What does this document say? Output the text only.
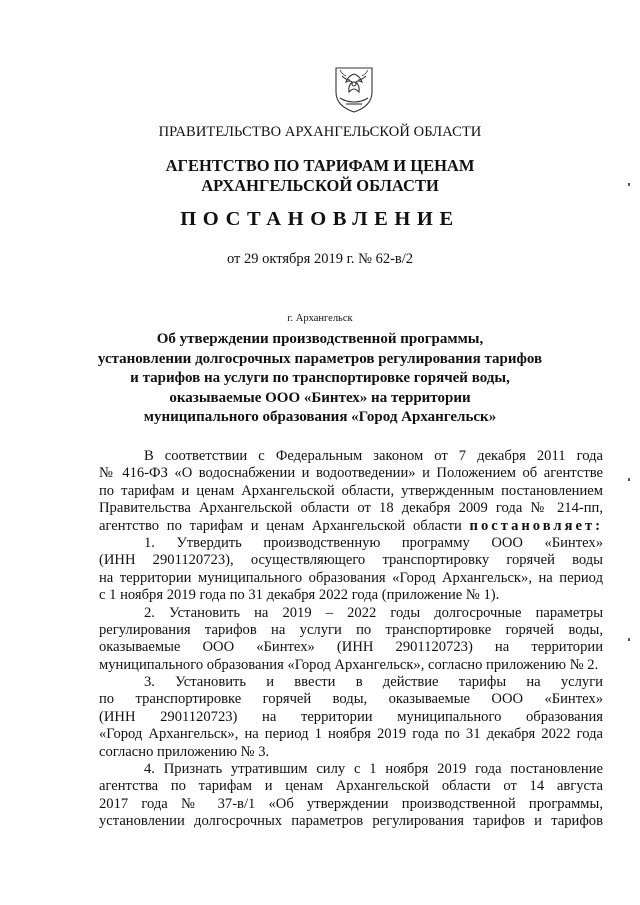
ПРАВИТЕЛЬСТВО АРХАНГЕЛЬСКОЙ ОБЛАСТИ
АГЕНТСТВО ПО ТАРИФАМ И ЦЕНАМ
АРХАНГЕЛЬСКОЙ ОБЛАСТИ
ПОСТАНОВЛЕНИЕ
от 29 октября 2019 г. № 62-в/2
г. Архангельск
Об утверждении производственной программы,
установлении долгосрочных параметров регулирования тарифов
и тарифов на услуги по транспортировке горячей воды,
оказываемые ООО «Бинтех» на территории
муниципального образования «Город Архангельск»
В соответствии с Федеральным законом от 7 декабря 2011 года
№ 416-ФЗ «О водоснабжении и водоотведении» и Положением об агентстве
по тарифам и ценам Архангельской области, утвержденным постановлением
Правительства Архангельской области от 18 декабря 2009 года № 214-пп,
агентство по тарифам и ценам Архангельской области постановляет:
1. Утвердить производственную программу ООО «Бинтех»
(ИНН 2901120723), осуществляющего транспортировку горячей воды
на территории муниципального образования «Город Архангельск», на период
с 1 ноября 2019 года по 31 декабря 2022 года (приложение № 1).
2. Установить на 2019 – 2022 годы долгосрочные параметры
регулирования тарифов на услуги по транспортировке горячей воды,
оказываемые ООО «Бинтех» (ИНН 2901120723) на территории
муниципального образования «Город Архангельск», согласно приложению № 2.
3. Установить и ввести в действие тарифы на услуги
по транспортировке горячей воды, оказываемые ООО «Бинтех»
(ИНН 2901120723) на территории муниципального образования
«Город Архангельск», на период 1 ноября 2019 года по 31 декабря 2022 года
согласно приложению № 3.
4. Признать утратившим силу с 1 ноября 2019 года постановление
агентства по тарифам и ценам Архангельской области от 14 августа
2017 года № 37-в/1 «Об утверждении производственной программы,
установлении долгосрочных параметров регулирования тарифов и тарифов
